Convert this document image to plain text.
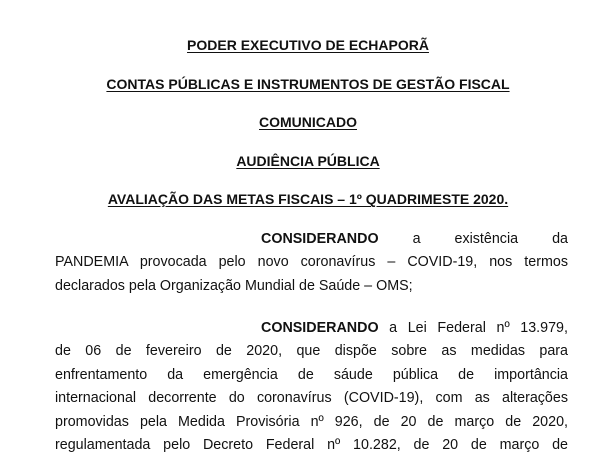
PODER EXECUTIVO DE ECHAPORÃ
CONTAS PÚBLICAS E INSTRUMENTOS DE GESTÃO FISCAL
COMUNICADO
AUDIÊNCIA PÚBLICA
AVALIAÇÃO DAS METAS FISCAIS – 1º QUADRIMESTE 2020.
CONSIDERANDO a existência da
PANDEMIA provocada pelo novo coronavírus – COVID-19, nos termos
declarados pela Organização Mundial de Saúde – OMS;
CONSIDERANDO a Lei Federal nº 13.979,
de 06 de fevereiro de 2020, que dispõe sobre as medidas para
enfrentamento da emergência de sáude pública de importância
internacional decorrente do coronavírus (COVID-19), com as alterações
promovidas pela Medida Provisória nº 926, de 20 de março de 2020,
regulamentada pelo Decreto Federal nº 10.282, de 20 de março de
